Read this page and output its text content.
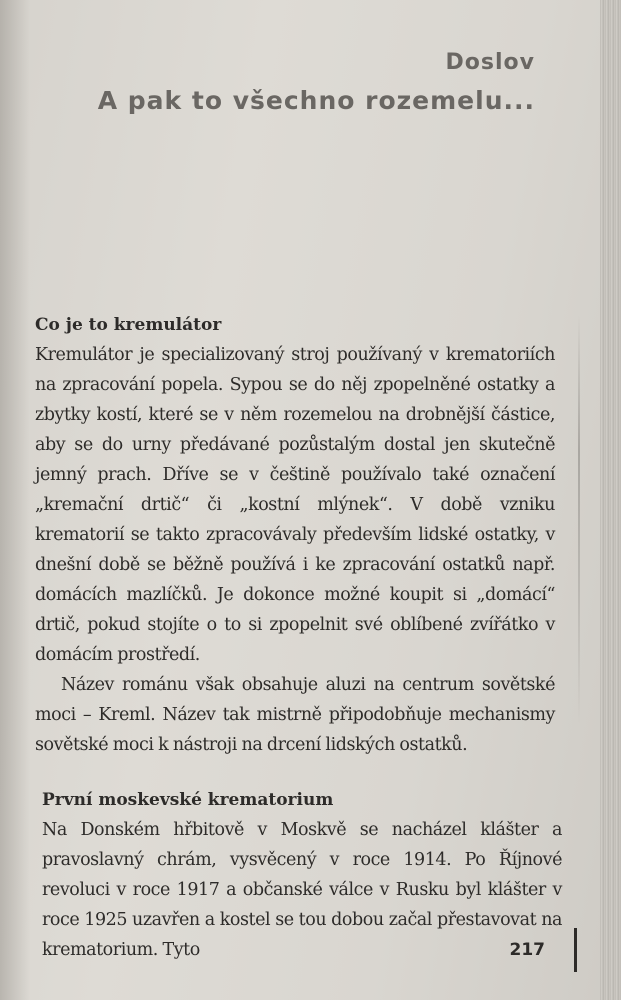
Doslov
A pak to všechno rozemelu...
Co je to kremulátor

Kremulátor je specializovaný stroj používaný v krematoriích na zpracování popela. Sypou se do něj zpopelněné ostatky a zbytky kostí, které se v něm rozemelou na drobnější částice, aby se do urny předávané pozůstalým dostal jen skutečně jemný prach. Dříve se v češtině používalo také označení „kremační drtič“ či „kostní mlýnek“. V době vzniku krematorií se takto zpracovávaly především lidské ostatky, v dnešní době se běžně používá i ke zpracování ostatků např. domácích mazlíčků. Je dokonce možné koupit si „domácí“ drtič, pokud stojíte o to si zpopelnit své oblíbené zvířátko v domácím prostředí.

Název románu však obsahuje aluzi na centrum sovětské moci – Kreml. Název tak mistrně připodobňuje mechanismy sovětské moci k nástroji na drcení lidských ostatků.

První moskevské krematorium

Na Donském hřbitově v Moskvě se nacházel klášter a pravoslavný chrám, vysvěcený v roce 1914. Po Říjnové revoluci v roce 1917 a občanské válce v Rusku byl klášter v roce 1925 uzavřen a kostel se tou dobou začal přestavovat na krematorium. Tyto	217
